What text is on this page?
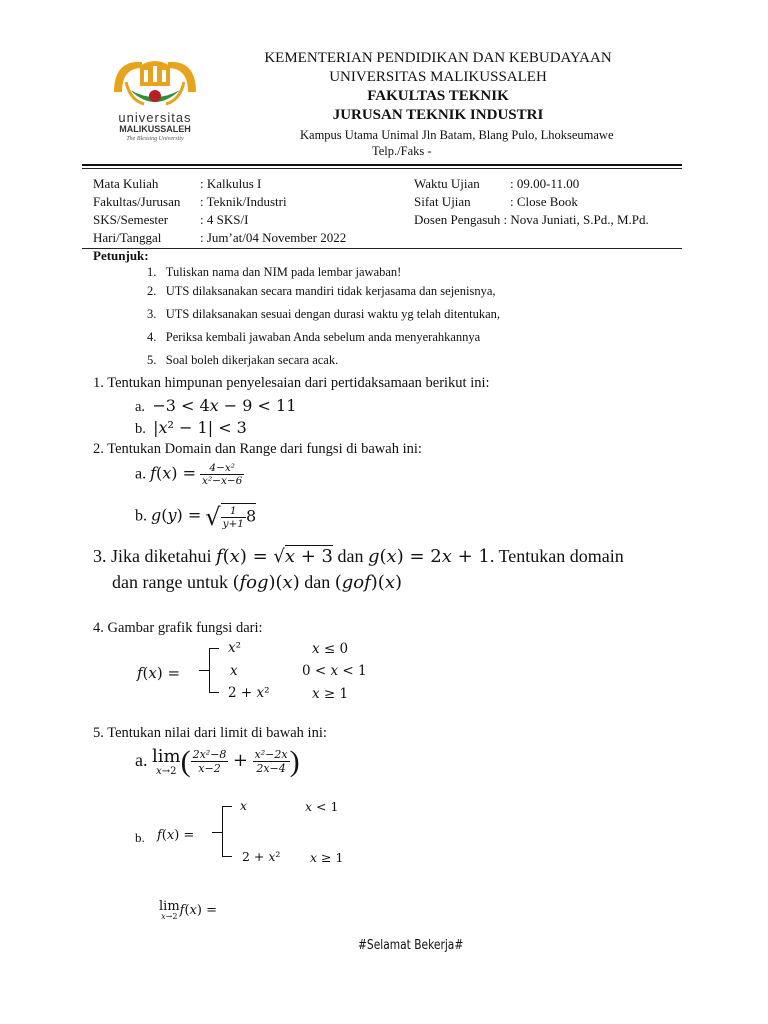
universitas
MALIKUSSALEH
The Blessing University
KEMENTERIAN PENDIDIKAN DAN KEBUDAYAAN
UNIVERSITAS MALIKUSSALEH
FAKULTAS TEKNIK
JURUSAN TEKNIK INDUSTRI
Kampus Utama Unimal Jln Batam, Blang Pulo, Lhokseumawe
Telp./Faks -
Mata Kuliah	: Kalkulus I
Fakultas/Jurusan : Teknik/Industri
SKS/Semester : 4 SKS/I
Hari/Tanggal	: Jum’at/04 November 2022
Waktu Ujian : 09.00-11.00
Sifat Ujian	: Close Book
Dosen Pengasuh : Nova Juniati, S.Pd., M.Pd.
Petunjuk:
1.   Tuliskan nama dan NIM pada lembar jawaban!
2.   UTS dilaksanakan secara mandiri tidak kerjasama dan sejenisnya,
3.   UTS dilaksanakan sesuai dengan durasi waktu yg telah ditentukan,
4.   Periksa kembali jawaban Anda sebelum anda menyerahkannya
5.   Soal boleh dikerjakan secara acak.
1. Tentukan himpunan penyelesaian dari pertidaksamaan berikut ini:
a. −3 < 4𝑥 − 9 < 11
b. |𝑥² − 1| < 3
2. Tentukan Domain dan Range dari fungsi di bawah ini:
a. 𝑓(𝑥) = $\frac{\text{4−𝑥²}}{\text{𝑥²−𝑥−6}}$
b. 𝑔(𝑦) = √ $\frac{1}{\text{𝑦+1}} 8$
3. Jika diketahui 𝑓(𝑥) = √𝑥 + 3 dan 𝑔(𝑥) = 2𝑥 + 1. Tentukan domain
dan range untuk (𝑓𝑜𝑔)(𝑥) dan (𝑔𝑜𝑓)(𝑥)
4. Gambar grafik fungsi dari:
𝑓(𝑥) =
𝑥²	𝑥 ≤ 0
𝑥	0 < 𝑥 < 1
2 + 𝑥²	𝑥 ≥ 1
5. Tentukan nilai dari limit di bawah ini:
a. lim
𝑥→2 ( $\frac{\text{2𝑥²−8}}{\text{𝑥−2}} + \frac{\text{𝑥²−2𝑥}}{\text{2𝑥−4}}$ )
b. 𝑓(𝑥) =
𝑥	𝑥 < 1
2 + 𝑥² 𝑥 ≥ 1
lim
𝑥→2 𝑓(𝑥) =
#Selamat Bekerja#
